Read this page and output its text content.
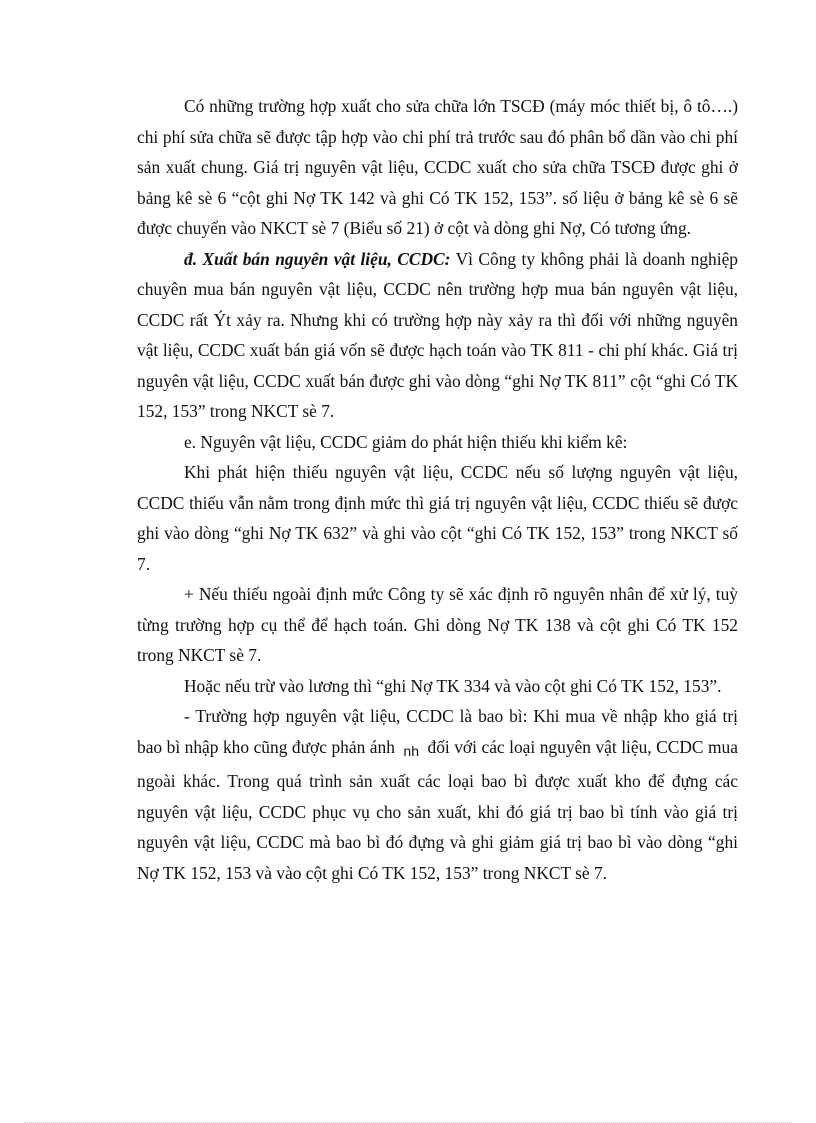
Có những trường hợp xuất cho sửa chữa lớn TSCĐ (máy móc thiết bị, ô tô….) chi phí sửa chữa sẽ được tập hợp vào chi phí trả trước sau đó phân bổ dần vào chi phí sản xuất chung. Giá trị nguyên vật liệu, CCDC xuất cho sửa chữa TSCĐ được ghi ở bảng kê sè 6 “cột ghi Nợ TK 142 và ghi Có TK 152, 153”. số liệu ở bảng kê sè 6 sẽ được chuyển vào NKCT sè 7 (Biểu số 21) ở cột và dòng ghi Nợ, Có tương ứng.

đ. Xuất bán nguyên vật liệu, CCDC: Vì Công ty không phải là doanh nghiệp chuyên mua bán nguyên vật liệu, CCDC nên trường hợp mua bán nguyên vật liệu, CCDC rất Ýt xảy ra. Nhưng khi có trường hợp này xảy ra thì đối với những nguyên vật liệu, CCDC xuất bán giá vốn sẽ được hạch toán vào TK 811 - chi phí khác. Giá trị nguyên vật liệu, CCDC xuất bán được ghi vào dòng “ghi Nợ TK 811” cột “ghi Có TK 152, 153” trong NKCT sè 7.

e. Nguyên vật liệu, CCDC giảm do phát hiện thiếu khi kiểm kê:

Khi phát hiện thiếu nguyên vật liệu, CCDC nếu số lượng nguyên vật liệu, CCDC thiếu vẫn nằm trong định mức thì giá trị nguyên vật liệu, CCDC thiếu sẽ được ghi vào dòng “ghi Nợ TK 632” và ghi vào cột “ghi Có TK 152, 153” trong NKCT số 7.

+ Nếu thiếu ngoài định mức Công ty sẽ xác định rõ nguyên nhân để xử lý, tuỳ từng trường hợp cụ thể để hạch toán. Ghi dòng Nợ TK 138 và cột ghi Có TK 152 trong NKCT sè 7.

Hoặc nếu trừ vào lương thì “ghi Nợ TK 334 và vào cột ghi Có TK 152, 153”.

- Trường hợp nguyên vật liệu, CCDC là bao bì: Khi mua về nhập kho giá trị bao bì nhập kho cũng được phản ánh nh đối với các loại nguyên vật liệu, CCDC mua ngoài khác. Trong quá trình sản xuất các loại bao bì được xuất kho để đựng các nguyên vật liệu, CCDC phục vụ cho sản xuất, khi đó giá trị bao bì tính vào giá trị nguyên vật liệu, CCDC mà bao bì đó đựng và ghi giảm giá trị bao bì vào dòng “ghi Nợ TK 152, 153 và vào cột ghi Có TK 152, 153” trong NKCT sè 7.
